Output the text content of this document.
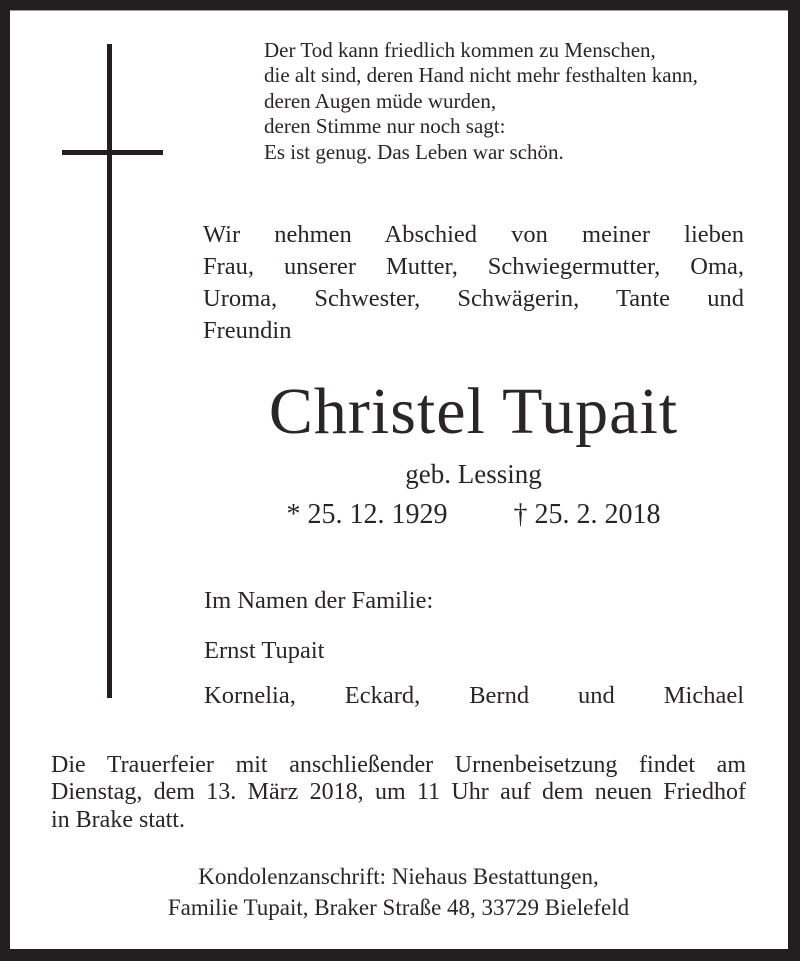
Der Tod kann friedlich kommen zu Menschen,
die alt sind, deren Hand nicht mehr festhalten kann,
deren Augen müde wurden,
deren Stimme nur noch sagt:
Es ist genug. Das Leben war schön.
Wir nehmen Abschied von meiner lieben
Frau, unserer Mutter, Schwiegermutter, Oma,
Uroma, Schwester, Schwägerin, Tante und
Freundin
Christel Tupait
geb. Lessing
* 25. 12. 1929 † 25. 2. 2018
Im Namen der Familie:
Ernst Tupait
Kornelia, Eckard, Bernd und Michael
Die Trauerfeier mit anschließender Urnenbeisetzung findet am
Dienstag, dem 13. März 2018, um 11 Uhr auf dem neuen Friedhof
in Brake statt.
Kondolenzanschrift: Niehaus Bestattungen,
Familie Tupait, Braker Straße 48, 33729 Bielefeld
